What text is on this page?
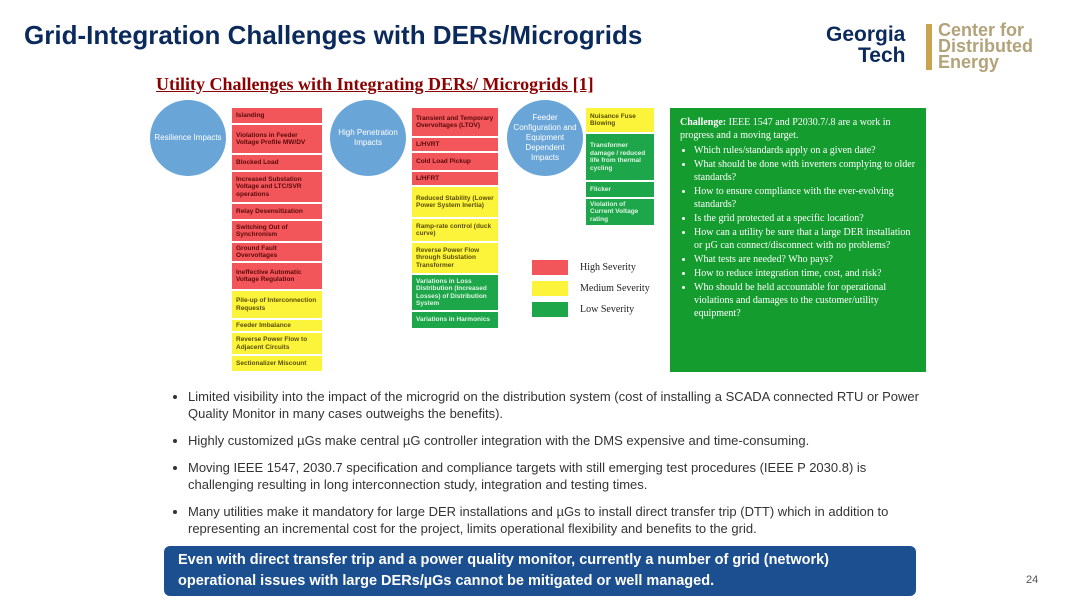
Grid-Integration Challenges with DERs/Microgrids	Georgia
Tech
Center for
Distributed
Energy
Utility Challenges with Integrating DERs/ Microgrids [1]
Resilience Impacts
High Penetration Impacts
Feeder Configuration and Equipment Dependent Impacts
Islanding
Violations in Feeder Voltage Profile MW/DV
Blocked Load
Increased Substation Voltage and LTC/SVR operations
Relay Desensitization
Switching Out of Synchronism
Ground Fault Overvoltages
Ineffective Automatic Voltage Regulation
Pile-up of Interconnection Requests
Feeder Imbalance
Reverse Power Flow to Adjacent Circuits
Sectionalizer Miscount
Transient and Temporary Overvoltages (LTOV)
L/HVRT
Cold Load Pickup
L/HFRT
Reduced Stability (Lower Power System Inertia)
Ramp-rate control (duck curve)
Reverse Power Flow through Substation Transformer
Variations in Loss Distribution (Increased Losses) of Distribution System
Variations in Harmonics
Nuisance Fuse Blowing
Transformer damage / reduced life from thermal cycling
Flicker
Violation of Current Voltage rating
High Severity
Medium Severity
Low Severity
Challenge: IEEE 1547 and P2030.7/.8 are a work in progress and a moving target.
• Which rules/standards apply on a given date?
• What should be done with inverters complying to older standards?
• How to ensure compliance with the ever-evolving standards?
• Is the grid protected at a specific location?
• How can a utility be sure that a large DER installation or µG can connect/disconnect with no problems?
• What tests are needed? Who pays?
• How to reduce integration time, cost, and risk?
• Who should be held accountable for operational violations and damages to the customer/utility equipment?
• Limited visibility into the impact of the microgrid on the distribution system (cost of installing a SCADA connected RTU or Power Quality Monitor in many cases outweighs the benefits).
• Highly customized µGs make central µG controller integration with the DMS expensive and time-consuming.
• Moving IEEE 1547, 2030.7 specification and compliance targets with still emerging test procedures (IEEE P 2030.8) is challenging resulting in long interconnection study, integration and testing times.
• Many utilities make it mandatory for large DER installations and µGs to install direct transfer trip (DTT) which in addition to representing an incremental cost for the project, limits operational flexibility and benefits to the grid.
Even with direct transfer trip and a power quality monitor, currently a number of grid (network) operational issues with large DERs/µGs cannot be mitigated or well managed.	24
